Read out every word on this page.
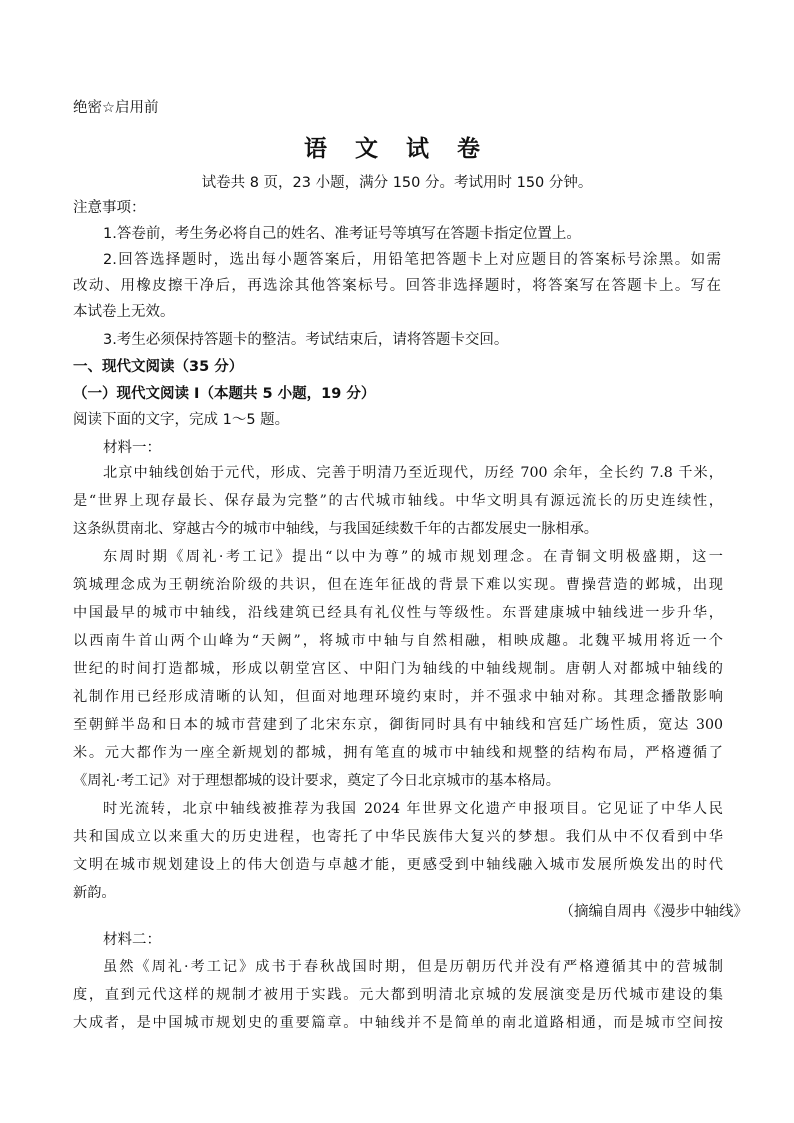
绝密☆启用前
语 文 试 卷
试卷共 8 页，23 小题，满分 150 分。考试用时 150 分钟。
注意事项：
1.答卷前，考生务必将自己的姓名、准考证号等填写在答题卡指定位置上。
2.回答选择题时，选出每小题答案后，用铅笔把答题卡上对应题目的答案标号涂黑。如需
改动、用橡皮擦干净后，再选涂其他答案标号。回答非选择题时，将答案写在答题卡上。写在
本试卷上无效。
3.考生必须保持答题卡的整洁。考试结束后，请将答题卡交回。
一、现代文阅读（35 分）
（一）现代文阅读 I（本题共 5 小题，19 分）
阅读下面的文字，完成 1～5 题。
材料一：
北京中轴线创始于元代，形成、完善于明清乃至近现代，历经 700 余年，全长约 7.8 千米，
是“世界上现存最长、保存最为完整”的古代城市轴线。中华文明具有源远流长的历史连续性，
这条纵贯南北、穿越古今的城市中轴线，与我国延续数千年的古都发展史一脉相承。
东周时期《周礼·考工记》提出“以中为尊”的城市规划理念。在青铜文明极盛期，这一
筑城理念成为王朝统治阶级的共识，但在连年征战的背景下难以实现。曹操营造的邺城，出现
中国最早的城市中轴线，沿线建筑已经具有礼仪性与等级性。东晋建康城中轴线进一步升华，
以西南牛首山两个山峰为“天阙”，将城市中轴与自然相融，相映成趣。北魏平城用将近一个
世纪的时间打造都城，形成以朝堂宫区、中阳门为轴线的中轴线规制。唐朝人对都城中轴线的
礼制作用已经形成清晰的认知，但面对地理环境约束时，并不强求中轴对称。其理念播散影响
至朝鲜半岛和日本的城市营建到了北宋东京，御街同时具有中轴线和宫廷广场性质，宽达 300
米。元大都作为一座全新规划的都城，拥有笔直的城市中轴线和规整的结构布局，严格遵循了
《周礼·考工记》对于理想都城的设计要求，奠定了今日北京城市的基本格局。
时光流转，北京中轴线被推荐为我国 2024 年世界文化遗产申报项目。它见证了中华人民
共和国成立以来重大的历史进程，也寄托了中华民族伟大复兴的梦想。我们从中不仅看到中华
文明在城市规划建设上的伟大创造与卓越才能，更感受到中轴线融入城市发展所焕发出的时代
新韵。
（摘编自周冉《漫步中轴线》
材料二：
虽然《周礼·考工记》成书于春秋战国时期，但是历朝历代并没有严格遵循其中的营城制
度，直到元代这样的规制才被用于实践。元大都到明清北京城的发展演变是历代城市建设的集
大成者，是中国城市规划史的重要篇章。中轴线并不是简单的南北道路相通，而是城市空间按
